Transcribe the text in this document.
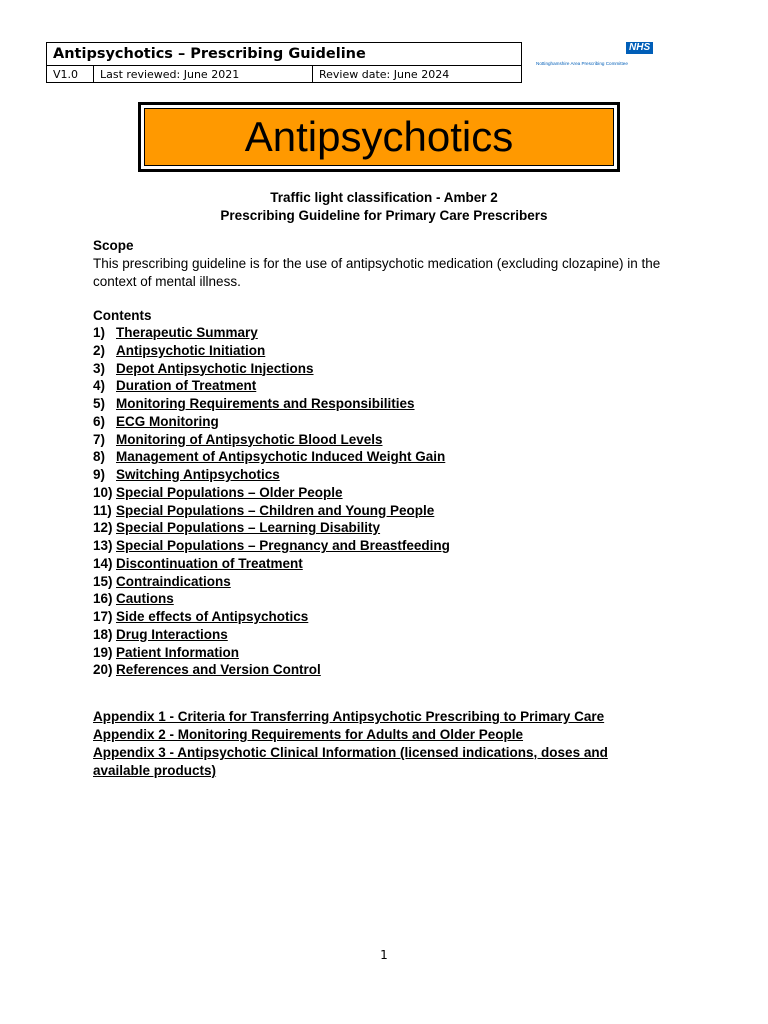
Antipsychotics – Prescribing Guideline
V1.0	Last reviewed: June 2021	Review date: June 2024
NHS
Nottinghamshire Area Prescribing Committee
Antipsychotics
Traffic light classification - Amber 2
Prescribing Guideline for Primary Care Prescribers
Scope
This prescribing guideline is for the use of antipsychotic medication (excluding clozapine) in the context of mental illness.
Contents
1) Therapeutic Summary
2) Antipsychotic Initiation
3) Depot Antipsychotic Injections
4) Duration of Treatment
5) Monitoring Requirements and Responsibilities
6) ECG Monitoring
7) Monitoring of Antipsychotic Blood Levels
8) Management of Antipsychotic Induced Weight Gain
9) Switching Antipsychotics
10) Special Populations – Older People
11) Special Populations – Children and Young People
12) Special Populations – Learning Disability
13) Special Populations – Pregnancy and Breastfeeding
14) Discontinuation of Treatment
15) Contraindications
16) Cautions
17) Side effects of Antipsychotics
18) Drug Interactions
19) Patient Information
20) References and Version Control
Appendix 1 - Criteria for Transferring Antipsychotic Prescribing to Primary Care
Appendix 2 - Monitoring Requirements for Adults and Older People
Appendix 3 - Antipsychotic Clinical Information (licensed indications, doses and available products)
1
